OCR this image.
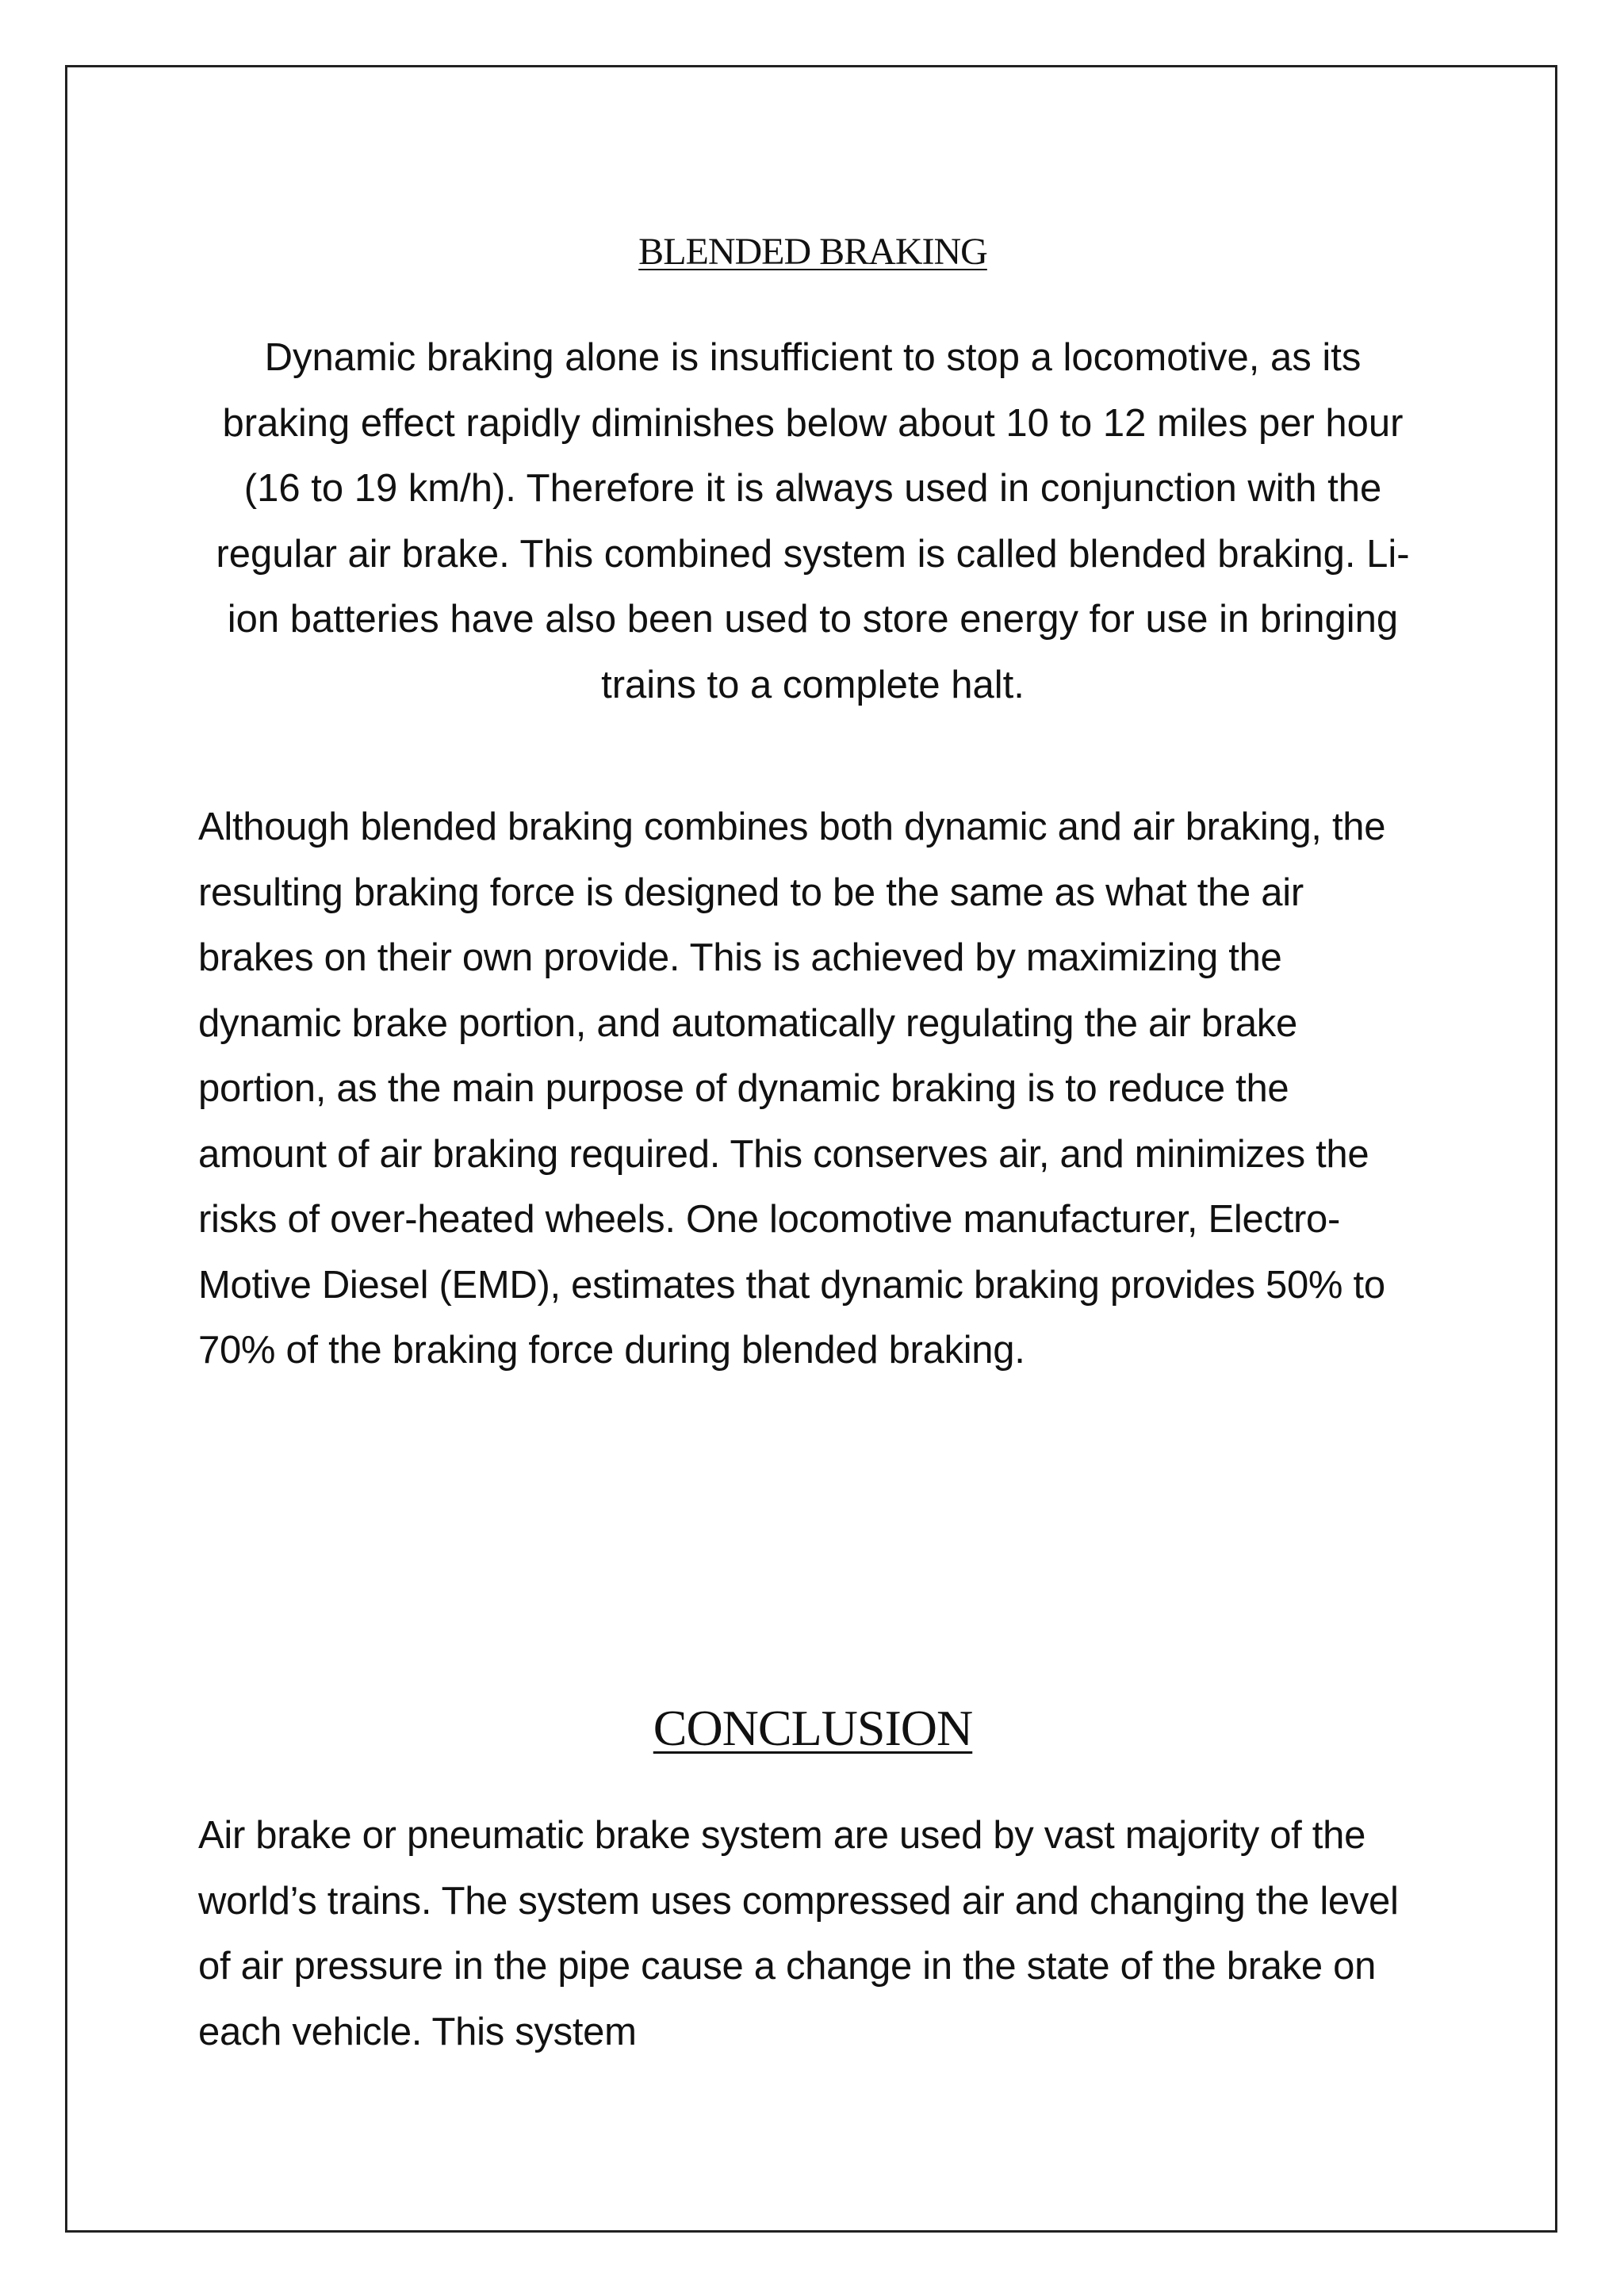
BLENDED BRAKING

Dynamic braking alone is insufficient to stop a locomotive, as its braking effect rapidly diminishes below about 10 to 12 miles per hour (16 to 19 km/h). Therefore it is always used in conjunction with the regular air brake. This combined system is called blended braking. Li-ion batteries have also been used to store energy for use in bringing trains to a complete halt.

Although blended braking combines both dynamic and air braking, the resulting braking force is designed to be the same as what the air brakes on their own provide. This is achieved by maximizing the dynamic brake portion, and automatically regulating the air brake portion, as the main purpose of dynamic braking is to reduce the amount of air braking required. This conserves air, and minimizes the risks of over-heated wheels. One locomotive manufacturer, Electro-Motive Diesel (EMD), estimates that dynamic braking provides 50% to 70% of the braking force during blended braking.

CONCLUSION

Air brake or pneumatic brake system are used by vast majority of the world’s trains. The system uses compressed air and changing the level of air pressure in the pipe cause a change in the state of the brake on each vehicle. This system
